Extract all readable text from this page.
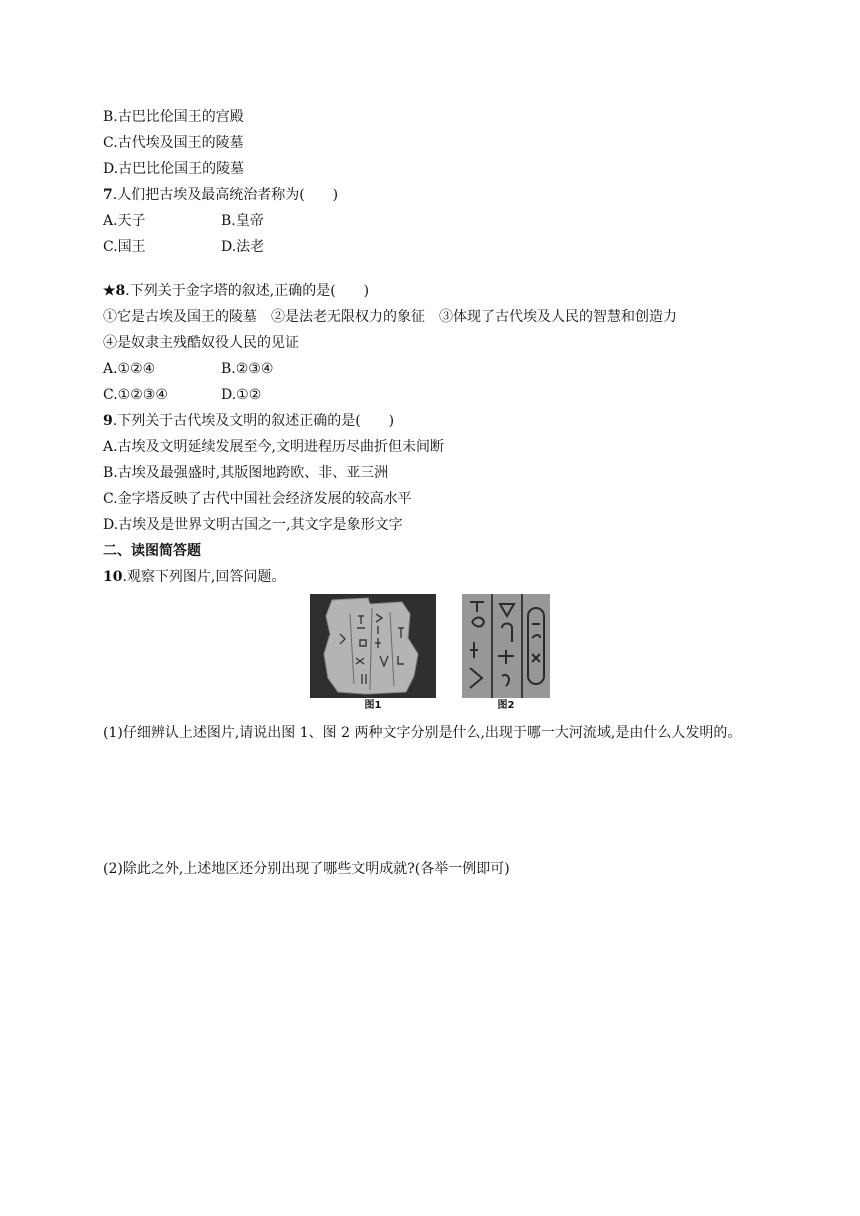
B.古巴比伦国王的宫殿
C.古代埃及国王的陵墓
D.古巴比伦国王的陵墓
7.人们把古埃及最高统治者称为(　　)
A.天子	B.皇帝
C.国王	D.法老
★8.下列关于金字塔的叙述,正确的是(　　)
①它是古埃及国王的陵墓　②是法老无限权力的象征　③体现了古代埃及人民的智慧和创造力
④是奴隶主残酷奴役人民的见证
A.①②④	B.②③④
C.①②③④	D.①②
9.下列关于古代埃及文明的叙述正确的是(　　)
A.古埃及文明延续发展至今,文明进程历尽曲折但未间断
B.古埃及最强盛时,其版图地跨欧、非、亚三洲
C.金字塔反映了古代中国社会经济发展的较高水平
D.古埃及是世界文明古国之一,其文字是象形文字
二、读图简答题
10.观察下列图片,回答问题。
图1	图2
(1)仔细辨认上述图片,请说出图 1、图 2 两种文字分别是什么,出现于哪一大河流域,是由什么人发明的。
(2)除此之外,上述地区还分别出现了哪些文明成就?(各举一例即可)
